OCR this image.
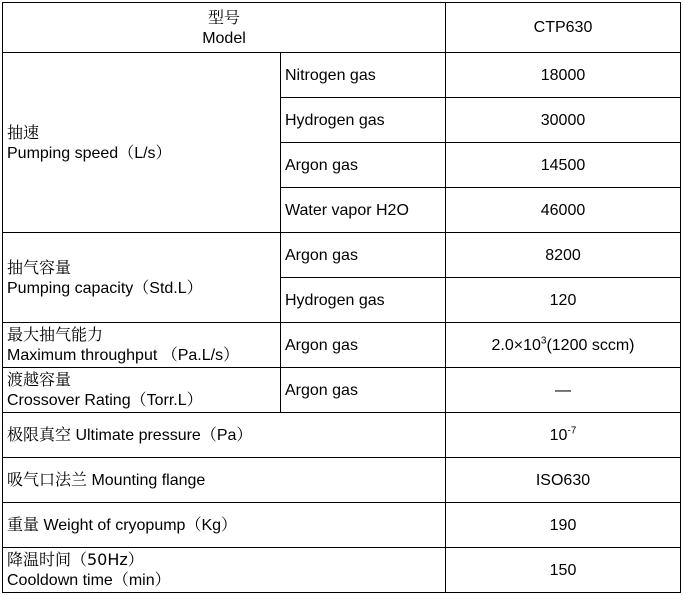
型号
Model		CTP630

抽速
Pumping speed（L/s）	Nitrogen gas	18000
	Hydrogen gas	30000
	Argon gas	14500
	Water vapor H2O	46000

抽气容量
Pumping capacity（Std.L）	Argon gas	8200
	Hydrogen gas	120

最大抽气能力
Maximum throughput （Pa.L/s）	Argon gas	$2.0\times 10^3(1200$ sccm)

渡越容量
Crossover Rating（Torr.L）	Argon gas	—
极限真空 Ultimate pressure（Pa）		$10^{-7}$
吸气口法兰 Mounting flange		ISO630
重量 Weight of cryopump（Kg）		190

降温时间（50Hz）
Cooldown time（min）		150
